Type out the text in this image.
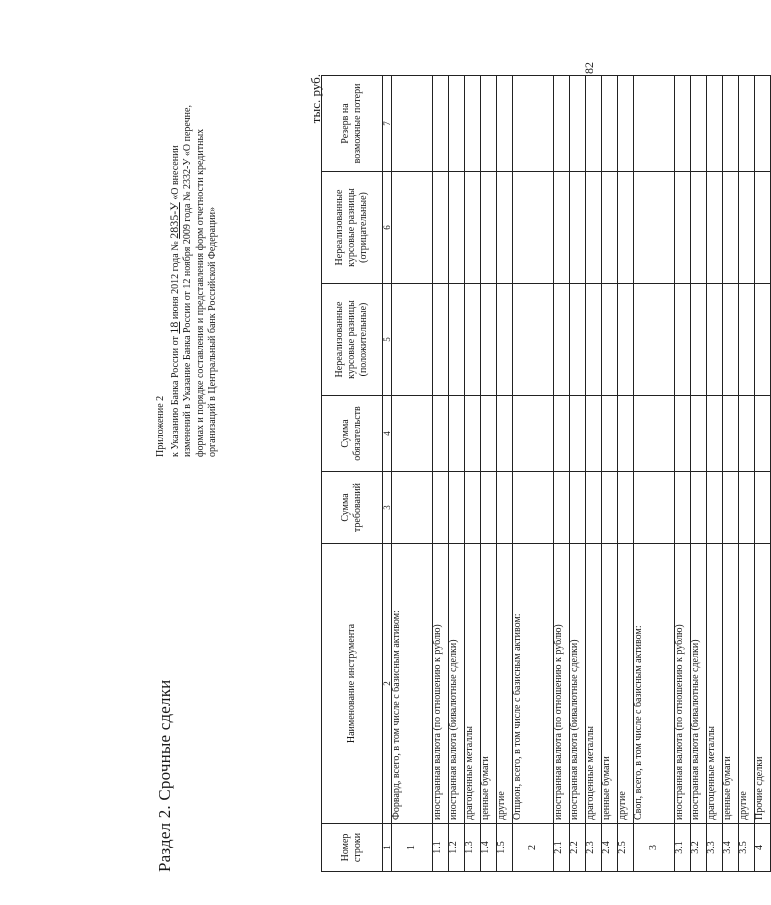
82
Приложение 2 к Указанию Банка России от 18 июня 2012 года № 2835-У «О внесении изменений в Указание Банка России от 12 ноября 2009 года № 2332-У «О перечне, формах и порядке составления и представления форм отчетности кредитных организаций в Центральный банк Российской Федерации»
Раздел 2. Срочные сделки
тыс. руб.
Номер строки	Наименование инструмента	Сумма требований	Сумма обязательств	Нереализованные курсовые разницы (положительные)	Нереализованные курсовые разницы (отрицательные)	Резерв на возможные потери
1	2	3	4	5	6	7
1	Форвард, всего, в том числе с базисным активом:					
1.1	иностранная валюта (по отношению к рублю)					
1.2	иностранная валюта (бивалютные сделки)					
1.3	драгоценные металлы					
1.4	ценные бумаги					
1.5	другие					
2	Опцион, всего, в том числе с базисным активом:					
2.1	иностранная валюта (по отношению к рублю)					
2.2	иностранная валюта (бивалютные сделки)					
2.3	драгоценные металлы					
2.4	ценные бумаги					
2.5	другие					
3	Своп, всего, в том числе с базисным активом:					
3.1	иностранная валюта (по отношению к рублю)					
3.2	иностранная валюта (бивалютные сделки)					
3.3	драгоценные металлы					
3.4	ценные бумаги					
3.5	другие					
4	Прочие сделки					
